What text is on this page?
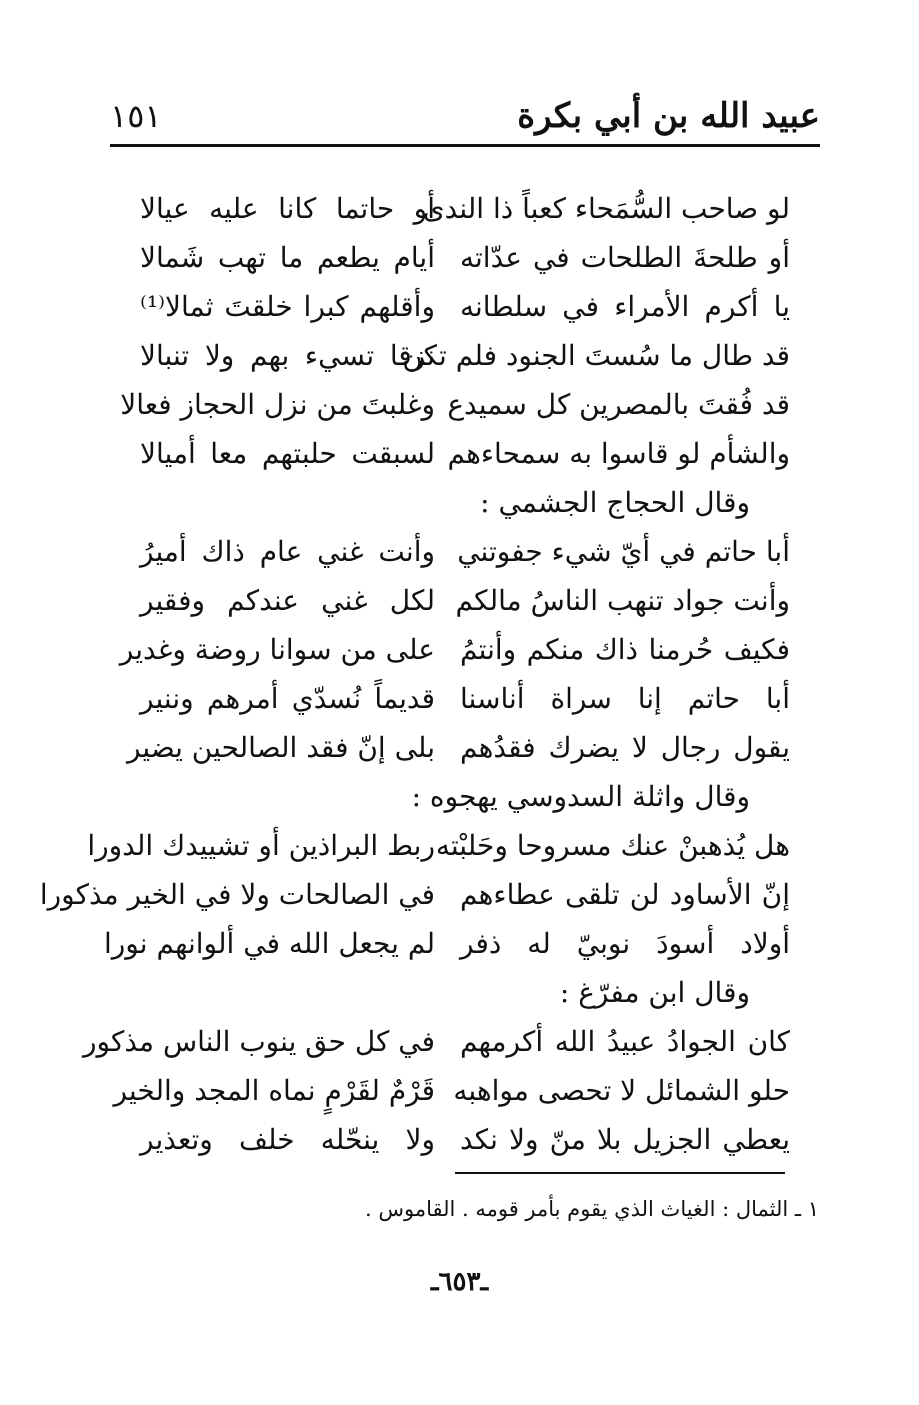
عبيد الله بن أبي بكرة
١٥١
لو صاحب السُّمَحاء كعباً ذا الندى
أو حاتما كانا عليه عيالا
أو طلحةَ الطلحات في عدّاته
أيام يطعم ما تهب شَمالا
يا أكرم الأمراء في سلطانه
وأقلهم كبرا خلقتَ ثمالا⁽¹⁾
قد طال ما سُستَ الجنود فلم تكن
نزقا تسيء بهم ولا تنبالا
قد فُقتَ بالمصرين كل سميدع
وغلبتَ من نزل الحجاز فعالا
والشأم لو قاسوا به سمحاءهم
لسبقت حلبتهم معا أميالا
وقال الحجاج الجشمي :
أبا حاتم في أيّ شيء جفوتني
وأنت غني عام ذاك أميرُ
وأنت جواد تنهب الناسُ مالكم
لكل غني عندكم وفقير
فكيف حُرمنا ذاك منكم وأنتمُ
على من سوانا روضة وغدير
أبا حاتم إنا سراة أناسنا
قديماً نُسدّي أمرهم وننير
يقول رجال لا يضرك فقدُهم
بلى إنّ فقد الصالحين يضير
وقال واثلة السدوسي يهجوه :
هل يُذهبنْ عنك مسروحا وحَلبْته
ربط البراذين أو تشييدك الدورا
إنّ الأساود لن تلقى عطاءهم
في الصالحات ولا في الخير مذكورا
أولاد أسودَ نوبيّ له ذفر
لم يجعل الله في ألوانهم نورا
وقال ابن مفرّغ :
كان الجوادُ عبيدُ الله أكرمهم
في كل حق ينوب الناس مذكور
حلو الشمائل لا تحصى مواهبه
قَرْمٌ لقَرْمٍ نماه المجد والخير
يعطي الجزيل بلا منّ ولا نكد
ولا ينحّله خلف وتعذير
١ ـ الثمال : الغياث الذي يقوم بأمر قومه . القاموس .
ـ٦٥٣ـ
